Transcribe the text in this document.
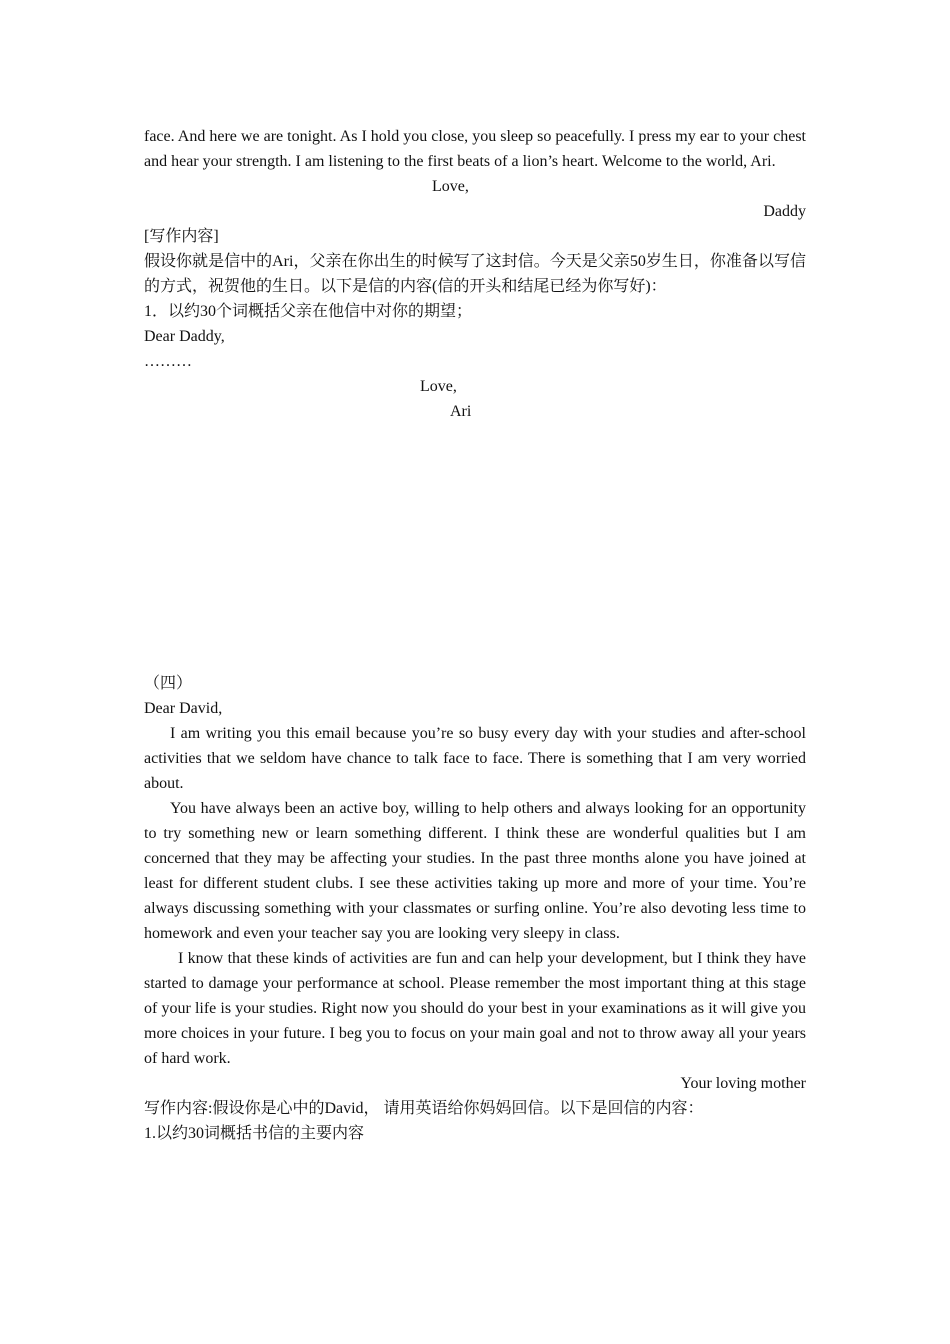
face. And here we are tonight. As I hold you close, you sleep so peacefully. I press my ear to your chest and hear your strength. I am listening to the first beats of a lion’s heart. Welcome to the world, Ari.

Love,

Daddy

[写作内容]

假设你就是信中的Ari，父亲在你出生的时候写了这封信。今天是父亲50岁生日，你准备以写信的方式，祝贺他的生日。以下是信的内容(信的开头和结尾已经为你写好)：

1．以约30个词概括父亲在他信中对你的期望；

Dear Daddy,

………

Love,

Ari

（四）

Dear David,

I am writing you this email because you’re so busy every day with your studies and after-school activities that we seldom have chance to talk face to face. There is something that I am very worried about.

You have always been an active boy, willing to help others and always looking for an opportunity to try something new or learn something different. I think these are wonderful qualities but I am concerned that they may be affecting your studies. In the past three months alone you have joined at least for different student clubs. I see these activities taking up more and more of your time. You’re always discussing something with your classmates or surfing online. You’re also devoting less time to homework and even your teacher say you are looking very sleepy in class.

I know that these kinds of activities are fun and can help your development, but I think they have started to damage your performance at school. Please remember the most important thing at this stage of your life is your studies. Right now you should do your best in your examinations as it will give you more choices in your future. I beg you to focus on your main goal and not to throw away all your years of hard work.

Your loving mother

写作内容:假设你是心中的David， 请用英语给你妈妈回信。以下是回信的内容：

1.以约30词概括书信的主要内容
